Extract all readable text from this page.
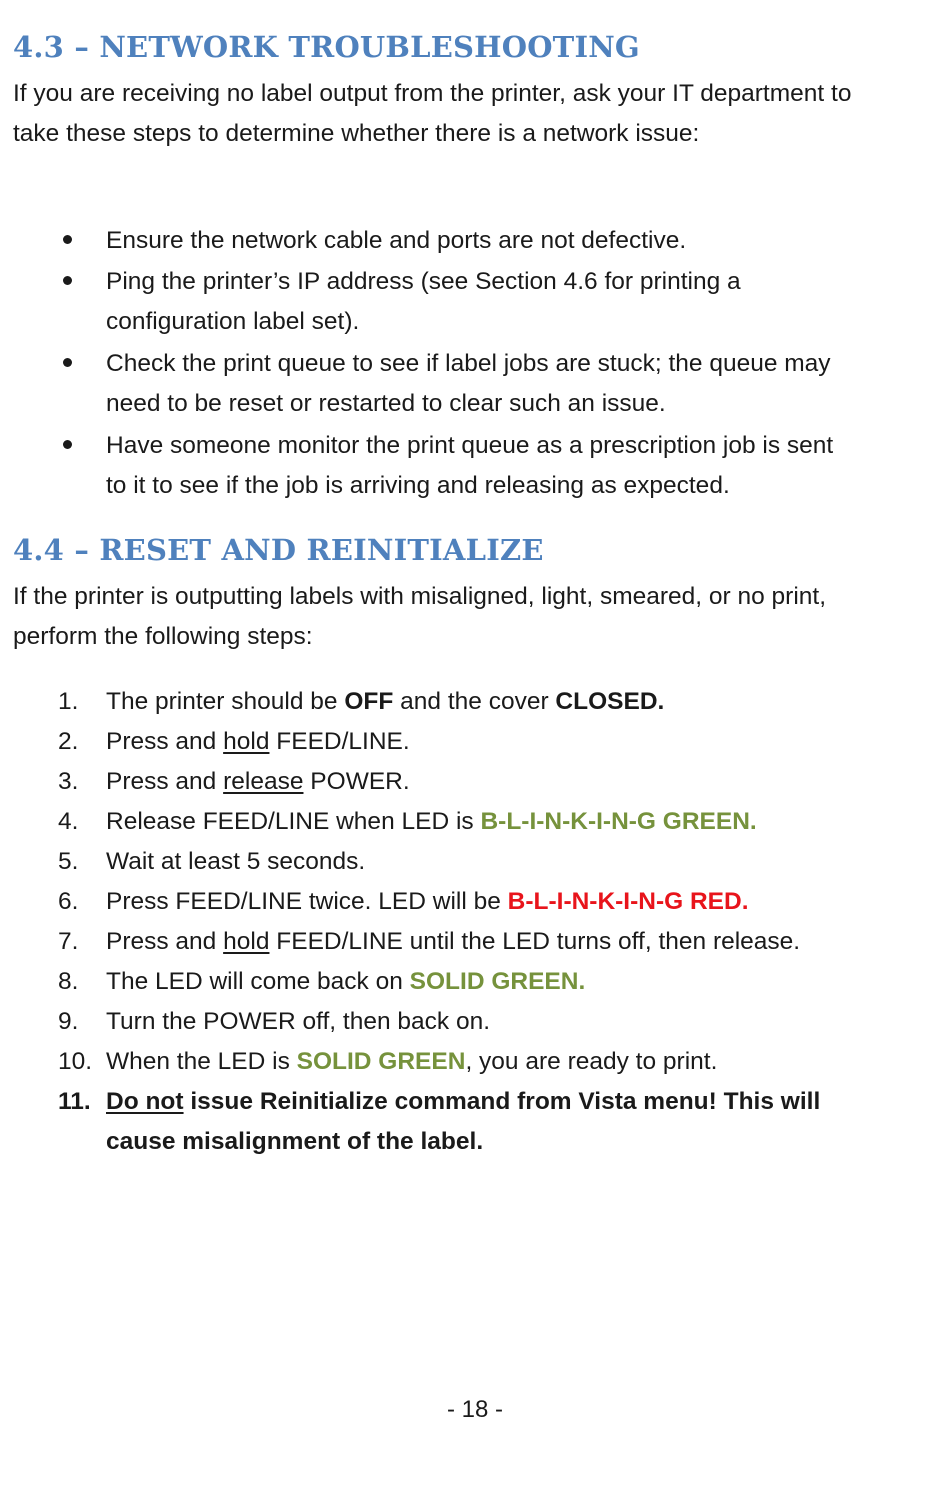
4.3 – NETWORK TROUBLESHOOTING

If you are receiving no label output from the printer, ask your IT department to take these steps to determine whether there is a network issue:

Ensure the network cable and ports are not defective.
Ping the printer’s IP address (see Section 4.6 for printing a configuration label set).
Check the print queue to see if label jobs are stuck; the queue may need to be reset or restarted to clear such an issue.
Have someone monitor the print queue as a prescription job is sent to it to see if the job is arriving and releasing as expected.
4.4 – RESET AND REINITIALIZE

If the printer is outputting labels with misaligned, light, smeared, or no print, perform the following steps:

1. The printer should be OFF and the cover CLOSED.
2. Press and hold FEED/LINE.
3. Press and release POWER.
4. Release FEED/LINE when LED is B-L-I-N-K-I-N-G GREEN.
5. Wait at least 5 seconds.
6. Press FEED/LINE twice. LED will be B-L-I-N-K-I-N-G RED.
7. Press and hold FEED/LINE until the LED turns off, then release.
8. The LED will come back on SOLID GREEN.
9. Turn the POWER off, then back on.
10. When the LED is SOLID GREEN, you are ready to print.
11. Do not issue Reinitialize command from Vista menu! This will cause misalignment of the label.
- 18 -
